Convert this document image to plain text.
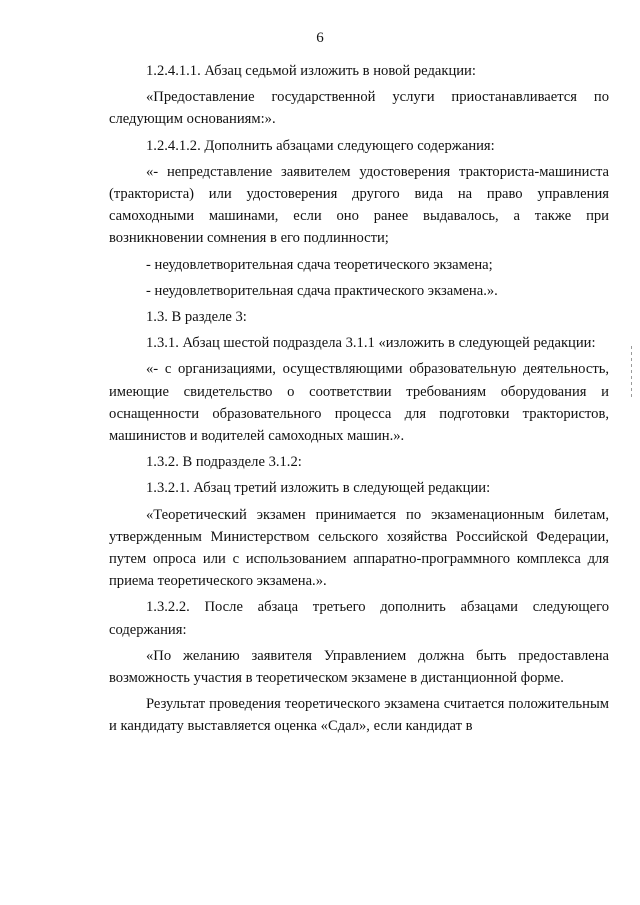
6

1.2.4.1.1. Абзац седьмой изложить в новой редакции:

«Предоставление государственной услуги приостанавливается по следующим основаниям:».

1.2.4.1.2. Дополнить абзацами следующего содержания:

«- непредставление заявителем удостоверения тракториста-машиниста (тракториста) или удостоверения другого вида на право управления самоходными машинами, если оно ранее выдавалось, а также при возникновении сомнения в его подлинности;

- неудовлетворительная сдача теоретического экзамена;

- неудовлетворительная сдача практического экзамена.».

1.3. В разделе 3:

1.3.1. Абзац шестой подраздела 3.1.1 «изложить в следующей редакции:

«- с организациями, осуществляющими образовательную деятельность, имеющие свидетельство о соответствии требованиям оборудования и оснащенности образовательного процесса для подготовки трактористов, машинистов и водителей самоходных машин.».

1.3.2. В подразделе 3.1.2:

1.3.2.1. Абзац третий изложить в следующей редакции:

«Теоретический экзамен принимается по экзаменационным билетам, утвержденным Министерством сельского хозяйства Российской Федерации, путем опроса или с использованием аппаратно-программного комплекса для приема теоретического экзамена.».

1.3.2.2. После абзаца третьего дополнить абзацами следующего содержания:

«По желанию заявителя Управлением должна быть предоставлена возможность участия в теоретическом экзамене в дистанционной форме.

Результат проведения теоретического экзамена считается положительным и кандидату выставляется оценка «Сдал», если кандидат в
